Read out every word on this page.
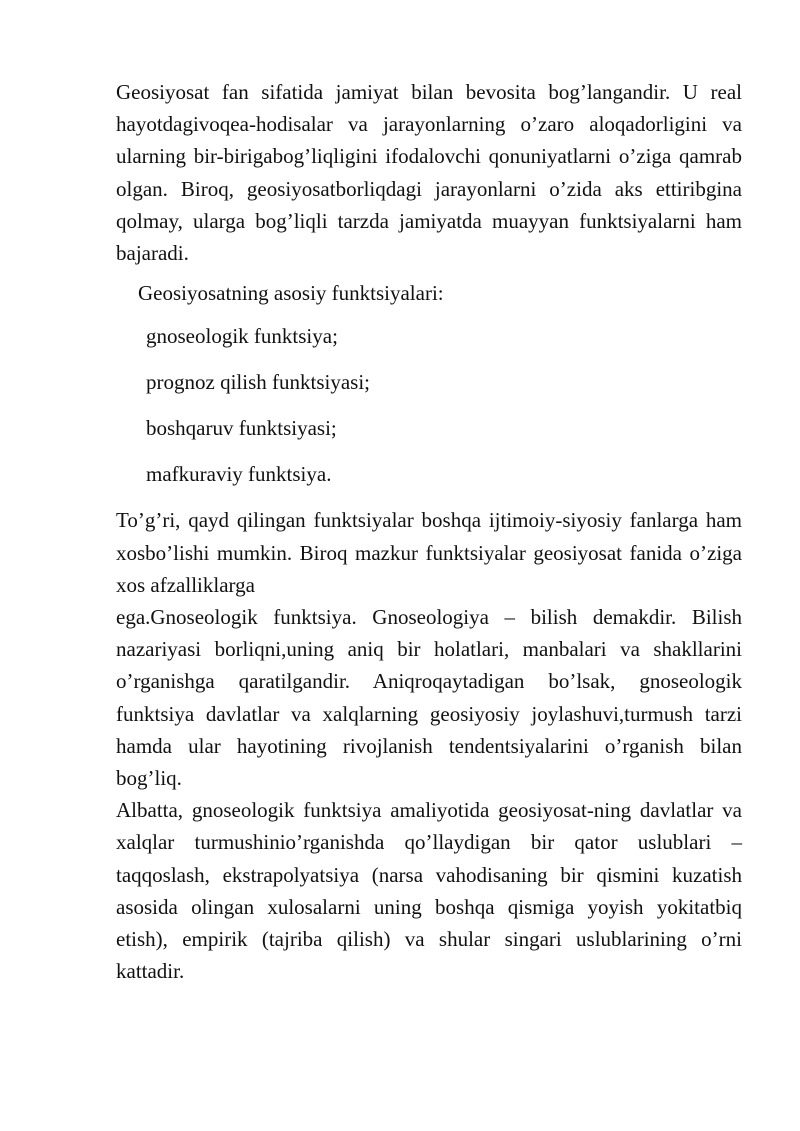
Geosiyosat fan sifatida jamiyat bilan bevosita bog’langandir. U real hayotdagivoqea-hodisalar va jarayonlarning o’zaro aloqadorligini va ularning bir-birigabog’liqligini ifodalovchi qonuniyatlarni o’ziga qamrab olgan. Biroq, geosiyosatborliqdagi jarayonlarni o’zida aks ettiribgina qolmay, ularga bog’liqli tarzda jamiyatda muayyan funktsiyalarni ham bajaradi.

Geosiyosatning asosiy funktsiyalari:

gnoseologik funktsiya;
prognoz qilish funktsiyasi;
boshqaruv funktsiyasi;
mafkuraviy funktsiya.

To’g’ri, qayd qilingan funktsiyalar boshqa ijtimoiy-siyosiy fanlarga ham xosbo’lishi mumkin. Biroq mazkur funktsiyalar geosiyosat fanida o’ziga xos afzalliklarga

ega.Gnoseologik funktsiya. Gnoseologiya – bilish demakdir. Bilish nazariyasi borliqni,uning aniq bir holatlari, manbalari va shakllarini o’rganishga qaratilgandir. Aniqroqaytadigan bo’lsak, gnoseologik funktsiya davlatlar va xalqlarning geosiyosiy joylashuvi,turmush tarzi hamda ular hayotining rivojlanish tendentsiyalarini o’rganish bilan bog’liq.

Albatta, gnoseologik funktsiya amaliyotida geosiyosat-ning davlatlar va xalqlar turmushinio’rganishda qo’llaydigan bir qator uslublari – taqqoslash, ekstrapolyatsiya (narsa vahodisaning bir qismini kuzatish asosida olingan xulosalarni uning boshqa qismiga yoyish yokitatbiq etish), empirik (tajriba qilish) va shular singari uslublarining o’rni kattadir.
